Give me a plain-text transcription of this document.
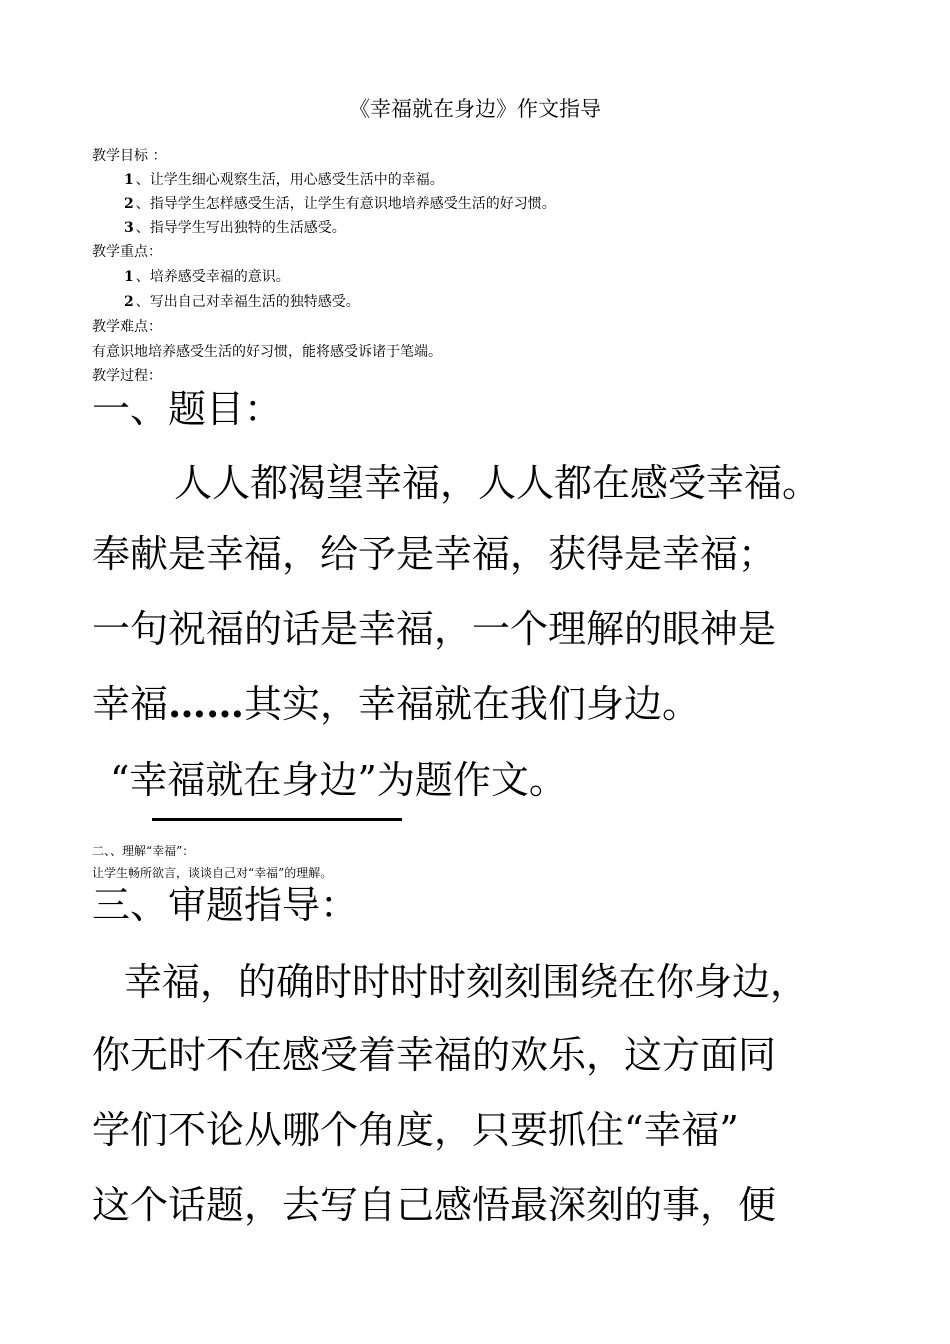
《幸福就在身边》作文指导
教学目标 ：
1 、让学生细心观察生活，用心感受生活中的幸福。
2 、指导学生怎样感受生活，让学生有意识地培养感受生活的好习惯。
3 、指导学生写出独特的生活感受。
教学重点：
1 、培养感受幸福的意识。
2 、写出自己对幸福生活的独特感受。
教学难点：
有意识地培养感受生活的好习惯，能将感受诉诸于笔端。
教学过程：
一、题目：
人人都渴望幸福，人人都在感受幸福。
奉献是幸福，给予是幸福，获得是幸福；
一句祝福的话是幸福，一个理解的眼神是
幸福……其实，幸福就在我们身边。
“幸福就在身边”为题作文。
二、、理解“幸福”：
让学生畅所欲言，谈谈自己对“幸福”的理解。
三、审题指导：
幸福，的确时时时时刻刻围绕在你身边，
你无时不在感受着幸福的欢乐，这方面同
学们不论从哪个角度，只要抓住“幸福”
这个话题，去写自己感悟最深刻的事，便
